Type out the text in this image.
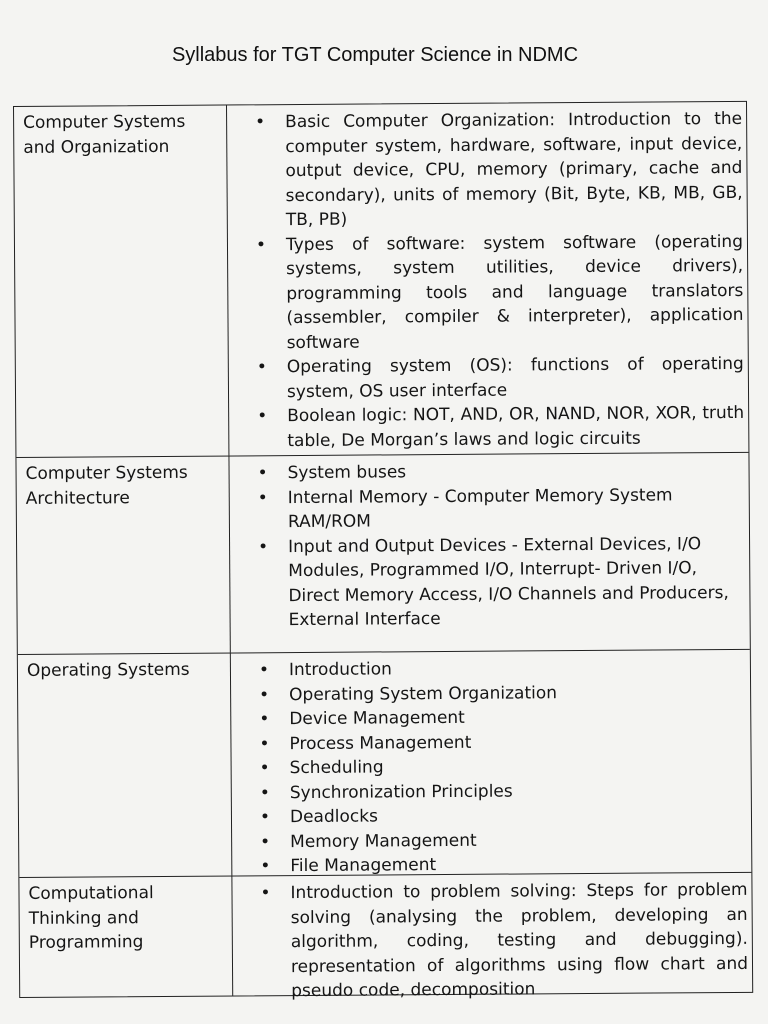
Syllabus for TGT Computer Science in NDMC
Computer Systems and Organization
• Basic Computer Organization: Introduction to the computer system, hardware, software, input device, output device, CPU, memory (primary, cache and secondary), units of memory (Bit, Byte, KB, MB, GB, TB, PB)
• Types of software: system software (operating systems, system utilities, device drivers), programming tools and language translators (assembler, compiler & interpreter), application software
• Operating system (OS): functions of operating system, OS user interface
• Boolean logic: NOT, AND, OR, NAND, NOR, XOR, truth table, De Morgan’s laws and logic circuits
Computer Systems Architecture
• System buses
• Internal Memory - Computer Memory System RAM/ROM
• Input and Output Devices - External Devices, I/O Modules, Programmed I/O, Interrupt- Driven I/O, Direct Memory Access, I/O Channels and Producers, External Interface
Operating Systems
•	Introduction
• Operating System Organization
• Device Management
• Process Management
• Scheduling
• Synchronization Principles
• Deadlocks
• Memory Management
• File Management
Computational Thinking and Programming
• Introduction to problem solving: Steps for problem solving (analysing the problem, developing an algorithm, coding, testing and debugging). representation of algorithms using flow chart and pseudo code, decomposition
